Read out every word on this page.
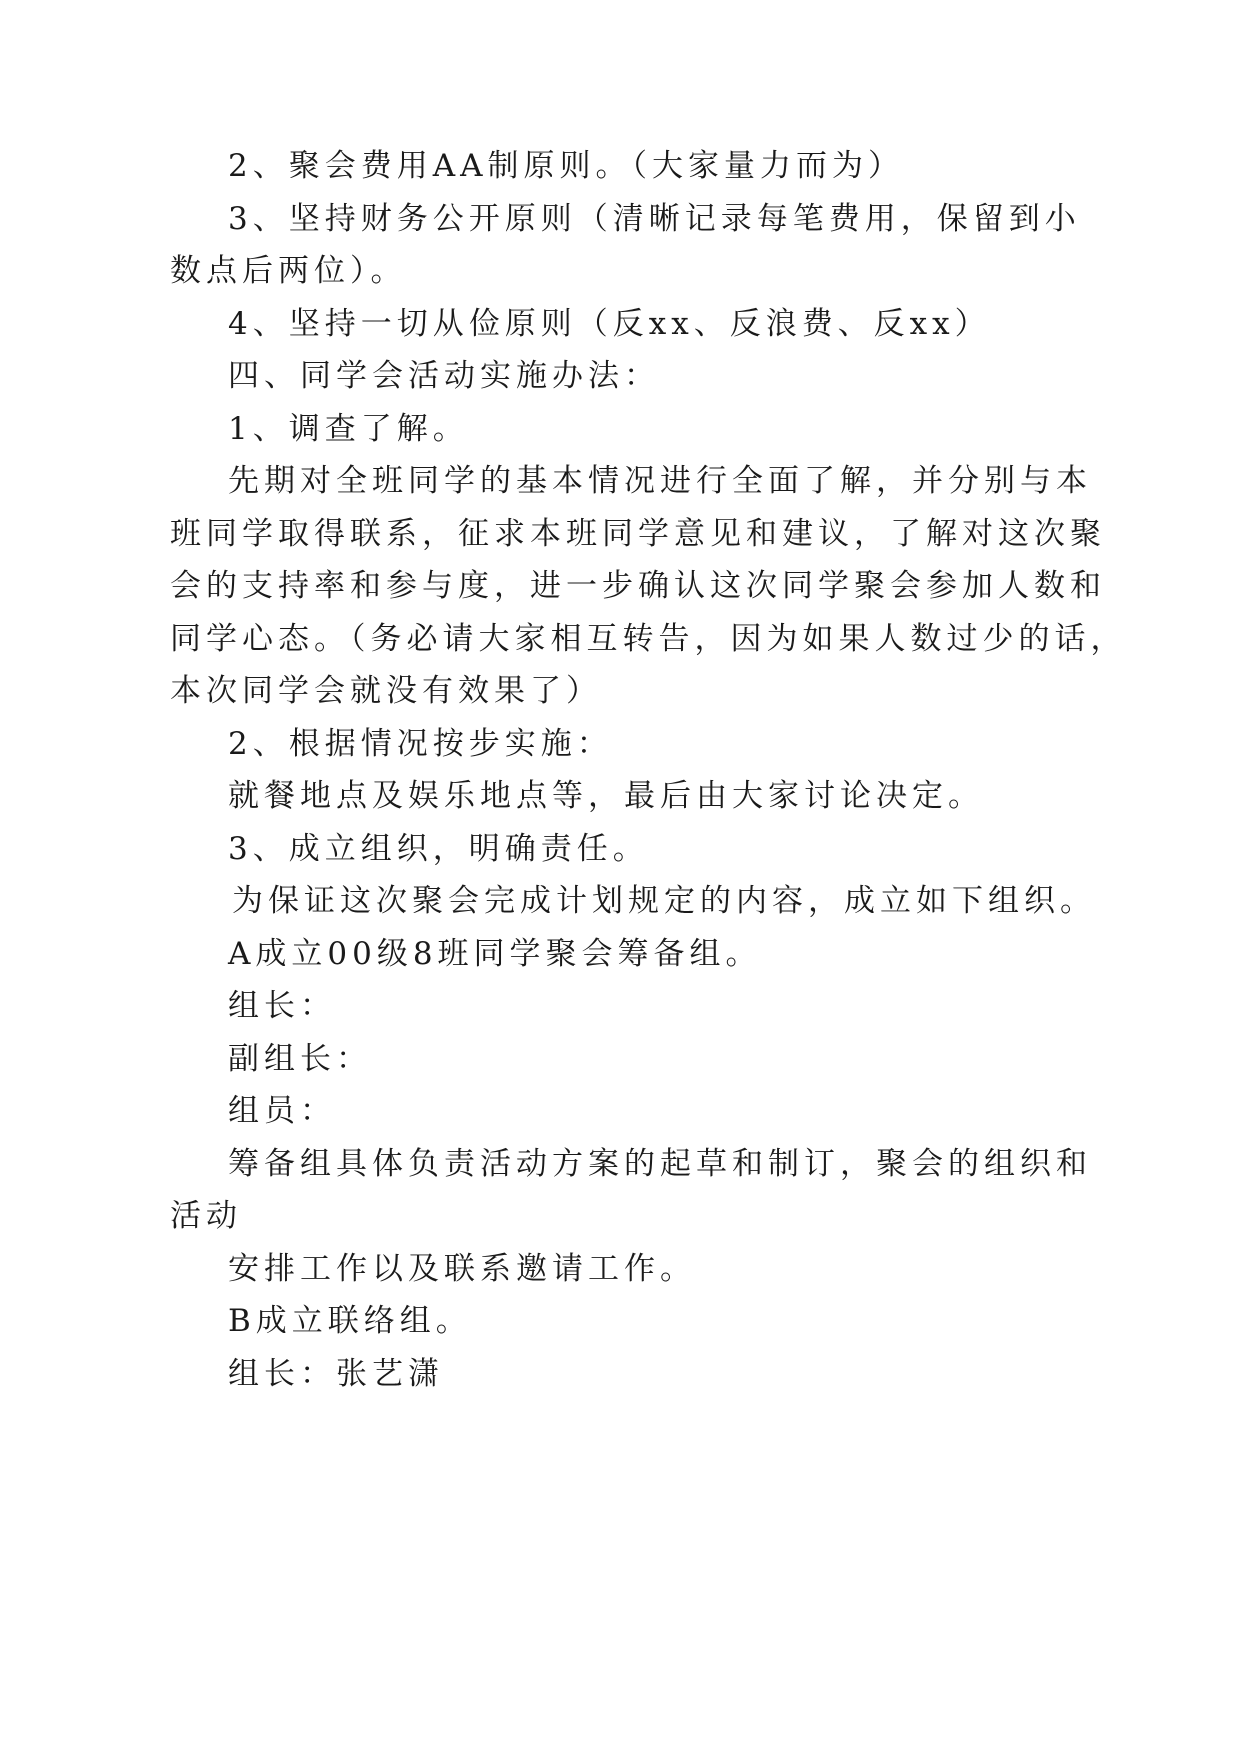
2、聚会费用AA制原则。（大家量力而为）
3、坚持财务公开原则（清晰记录每笔费用，保留到小
数点后两位）。
4、坚持一切从俭原则（反xx、反浪费、反xx）
四、同学会活动实施办法：
1、调查了解。
先期对全班同学的基本情况进行全面了解，并分别与本
班同学取得联系，征求本班同学意见和建议，了解对这次聚
会的支持率和参与度，进一步确认这次同学聚会参加人数和
同学心态。（务必请大家相互转告，因为如果人数过少的话，
本次同学会就没有效果了）
2、根据情况按步实施：
就餐地点及娱乐地点等，最后由大家讨论决定。
3、成立组织，明确责任。
为保证这次聚会完成计划规定的内容，成立如下组织。
A成立00级8班同学聚会筹备组。
组长：
副组长：
组员：
筹备组具体负责活动方案的起草和制订，聚会的组织和
活动
安排工作以及联系邀请工作。
B成立联络组。
组长：张艺潇
